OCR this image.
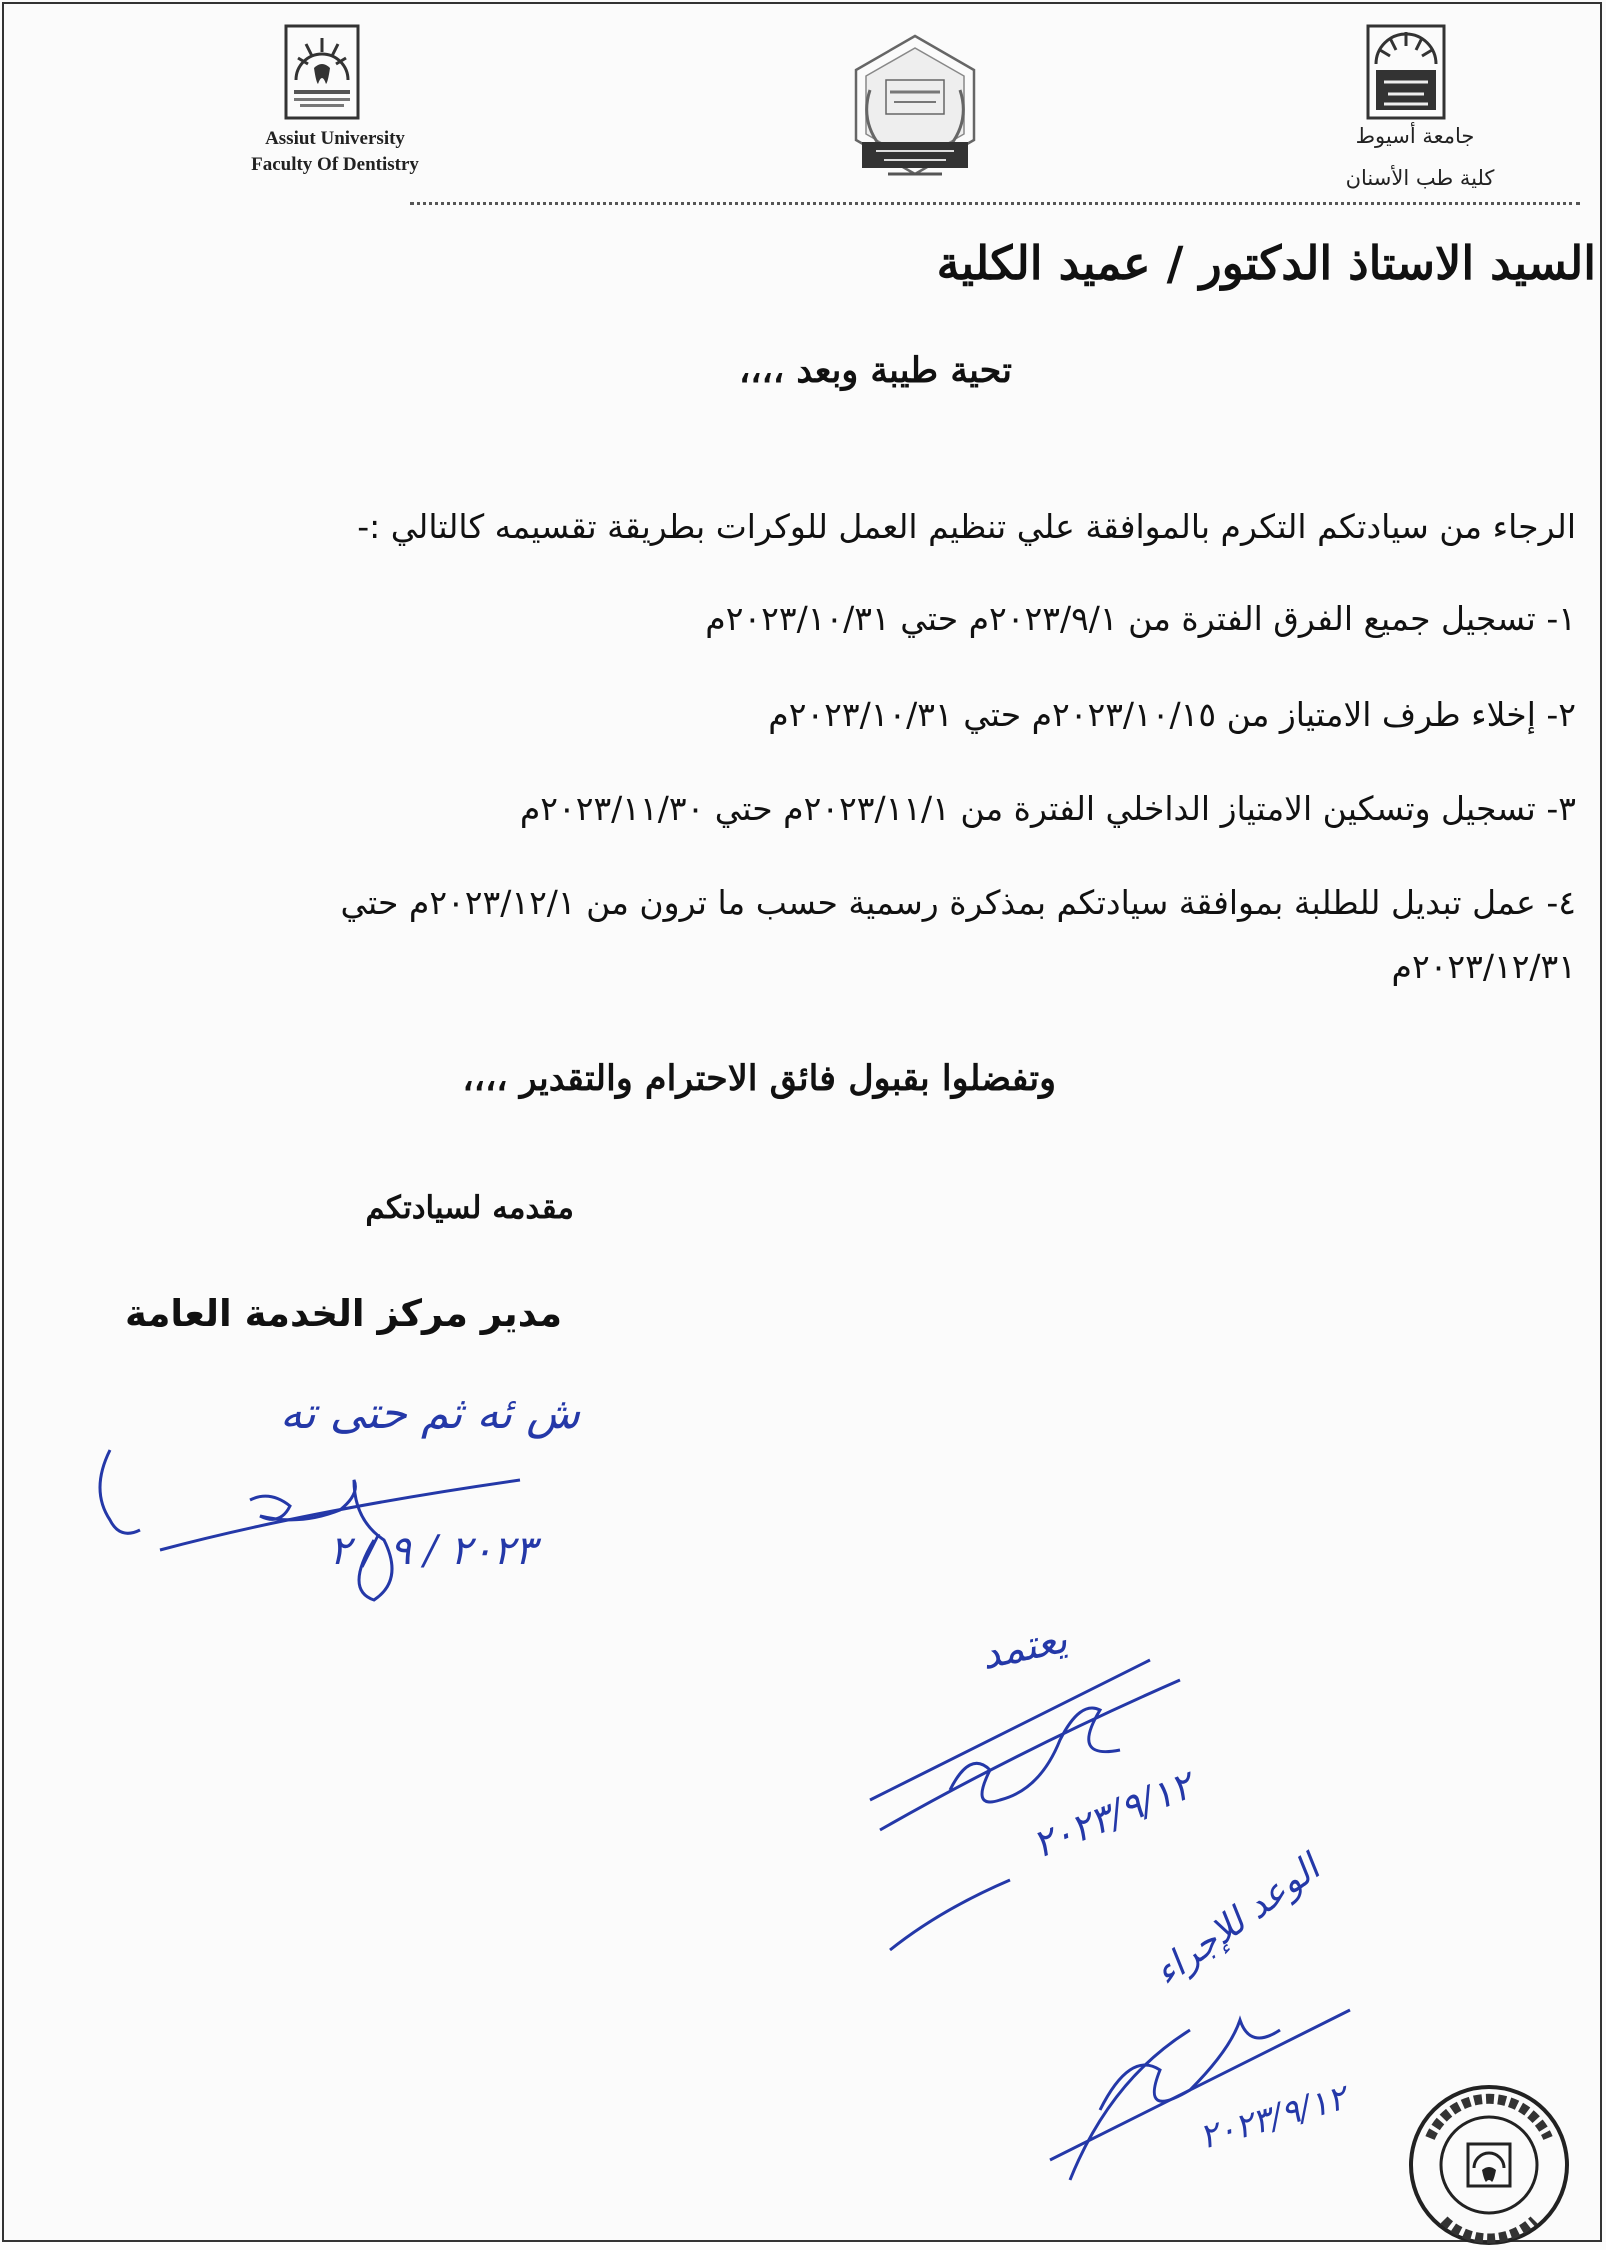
Assiut University
Faculty Of Dentistry
جامعة أسيوط
كلية طب الأسنان
السيد الاستاذ الدكتور / عميد الكلية
تحية طيبة وبعد ،،،،
الرجاء من سيادتكم التكرم بالموافقة علي تنظيم العمل للوكرات بطريقة تقسيمه كالتالي :-
١- تسجيل جميع الفرق الفترة من ٢٠٢٣/٩/١م حتي ٢٠٢٣/١٠/٣١م
٢- إخلاء طرف الامتياز من ٢٠٢٣/١٠/١٥م حتي ٢٠٢٣/١٠/٣١م
٣- تسجيل وتسكين الامتياز الداخلي الفترة من ٢٠٢٣/١١/١م حتي ٢٠٢٣/١١/٣٠م
٤- عمل تبديل للطلبة بموافقة سيادتكم بمذكرة رسمية حسب ما ترون من ٢٠٢٣/١٢/١م حتي
٢٠٢٣/١٢/٣١م
وتفضلوا بقبول فائق الاحترام والتقدير ،،،،
مقدمه لسيادتكم
مدير مركز الخدمة العامة
ش ئه ثم حتى ته
٢٠٢٣ / ٩ / ٢
يعتمد
٢٠٢٣/٩/١٢
الوعد للإجراء
٢٠٢٣/٩/١٢
